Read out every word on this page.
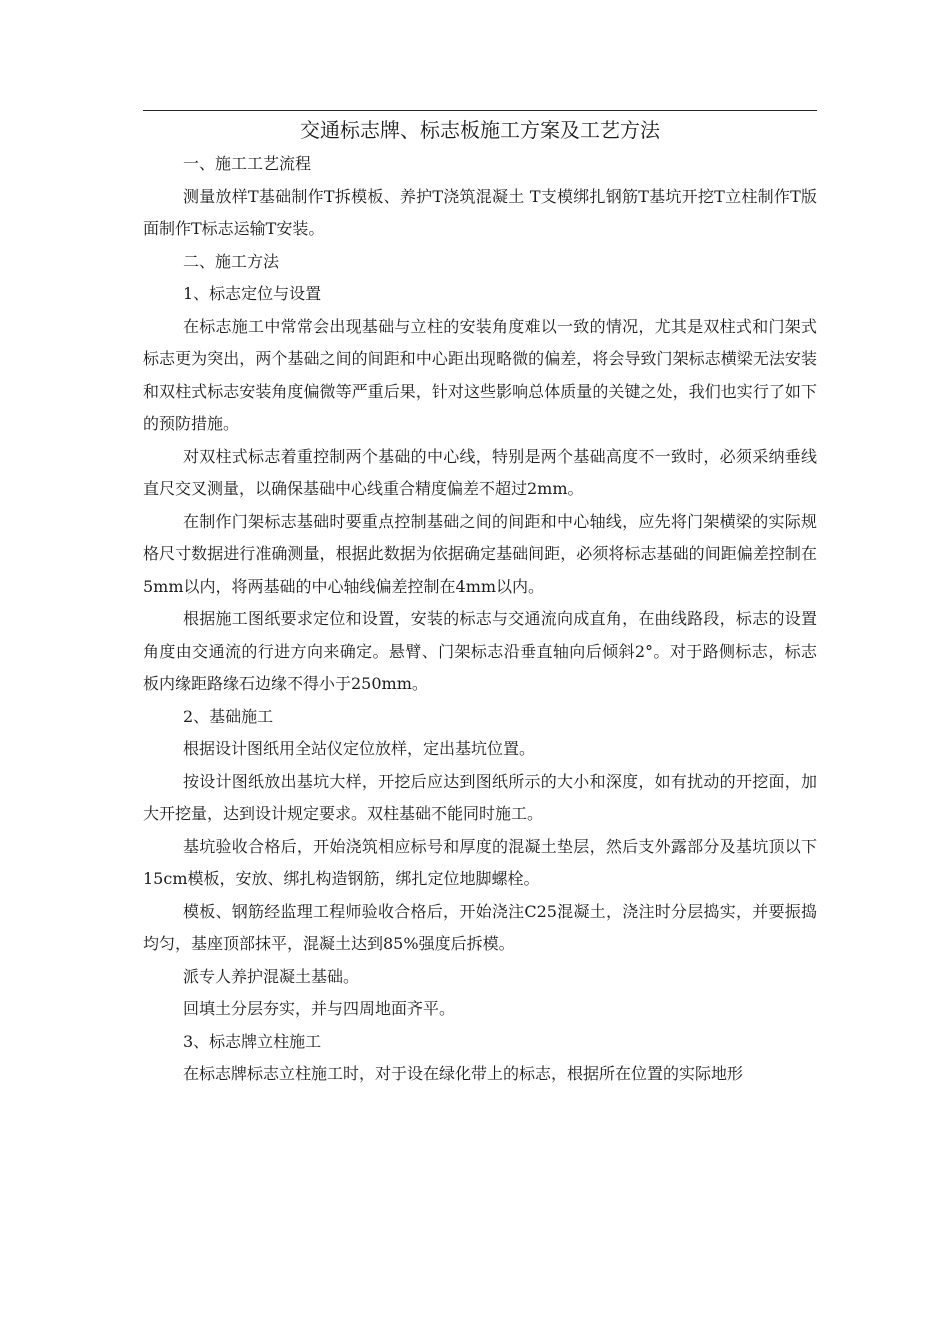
交通标志牌、标志板施工方案及工艺方法

一、施工工艺流程

测量放样T基础制作T拆模板、养护T浇筑混凝土 T支模绑扎钢筋T基坑开挖T立柱制作T版面制作T标志运输T安装。

二、施工方法

1、标志定位与设置

在标志施工中常常会出现基础与立柱的安装角度难以一致的情况，尤其是双柱式和门架式标志更为突出，两个基础之间的间距和中心距出现略微的偏差，将会导致门架标志横梁无法安装和双柱式标志安装角度偏微等严重后果，针对这些影响总体质量的关键之处，我们也实行了如下的预防措施。

对双柱式标志着重控制两个基础的中心线，特别是两个基础高度不一致时，必须采纳垂线直尺交叉测量，以确保基础中心线重合精度偏差不超过2mm。

在制作门架标志基础时要重点控制基础之间的间距和中心轴线，应先将门架横梁的实际规格尺寸数据进行准确测量，根据此数据为依据确定基础间距，必须将标志基础的间距偏差控制在5mm以内，将两基础的中心轴线偏差控制在4mm以内。

根据施工图纸要求定位和设置，安装的标志与交通流向成直角，在曲线路段，标志的设置角度由交通流的行进方向来确定。悬臂、门架标志沿垂直轴向后倾斜2°。对于路侧标志，标志板内缘距路缘石边缘不得小于250mm。

2、基础施工

根据设计图纸用全站仪定位放样，定出基坑位置。

按设计图纸放出基坑大样，开挖后应达到图纸所示的大小和深度，如有扰动的开挖面，加大开挖量，达到设计规定要求。双柱基础不能同时施工。

基坑验收合格后，开始浇筑相应标号和厚度的混凝土垫层，然后支外露部分及基坑顶以下15cm模板，安放、绑扎构造钢筋，绑扎定位地脚螺栓。

模板、钢筋经监理工程师验收合格后，开始浇注C25混凝土，浇注时分层捣实，并要振捣均匀，基座顶部抹平，混凝土达到85%强度后拆模。

派专人养护混凝土基础。

回填土分层夯实，并与四周地面齐平。

3、标志牌立柱施工

在标志牌标志立柱施工时，对于设在绿化带上的标志，根据所在位置的实际地形
